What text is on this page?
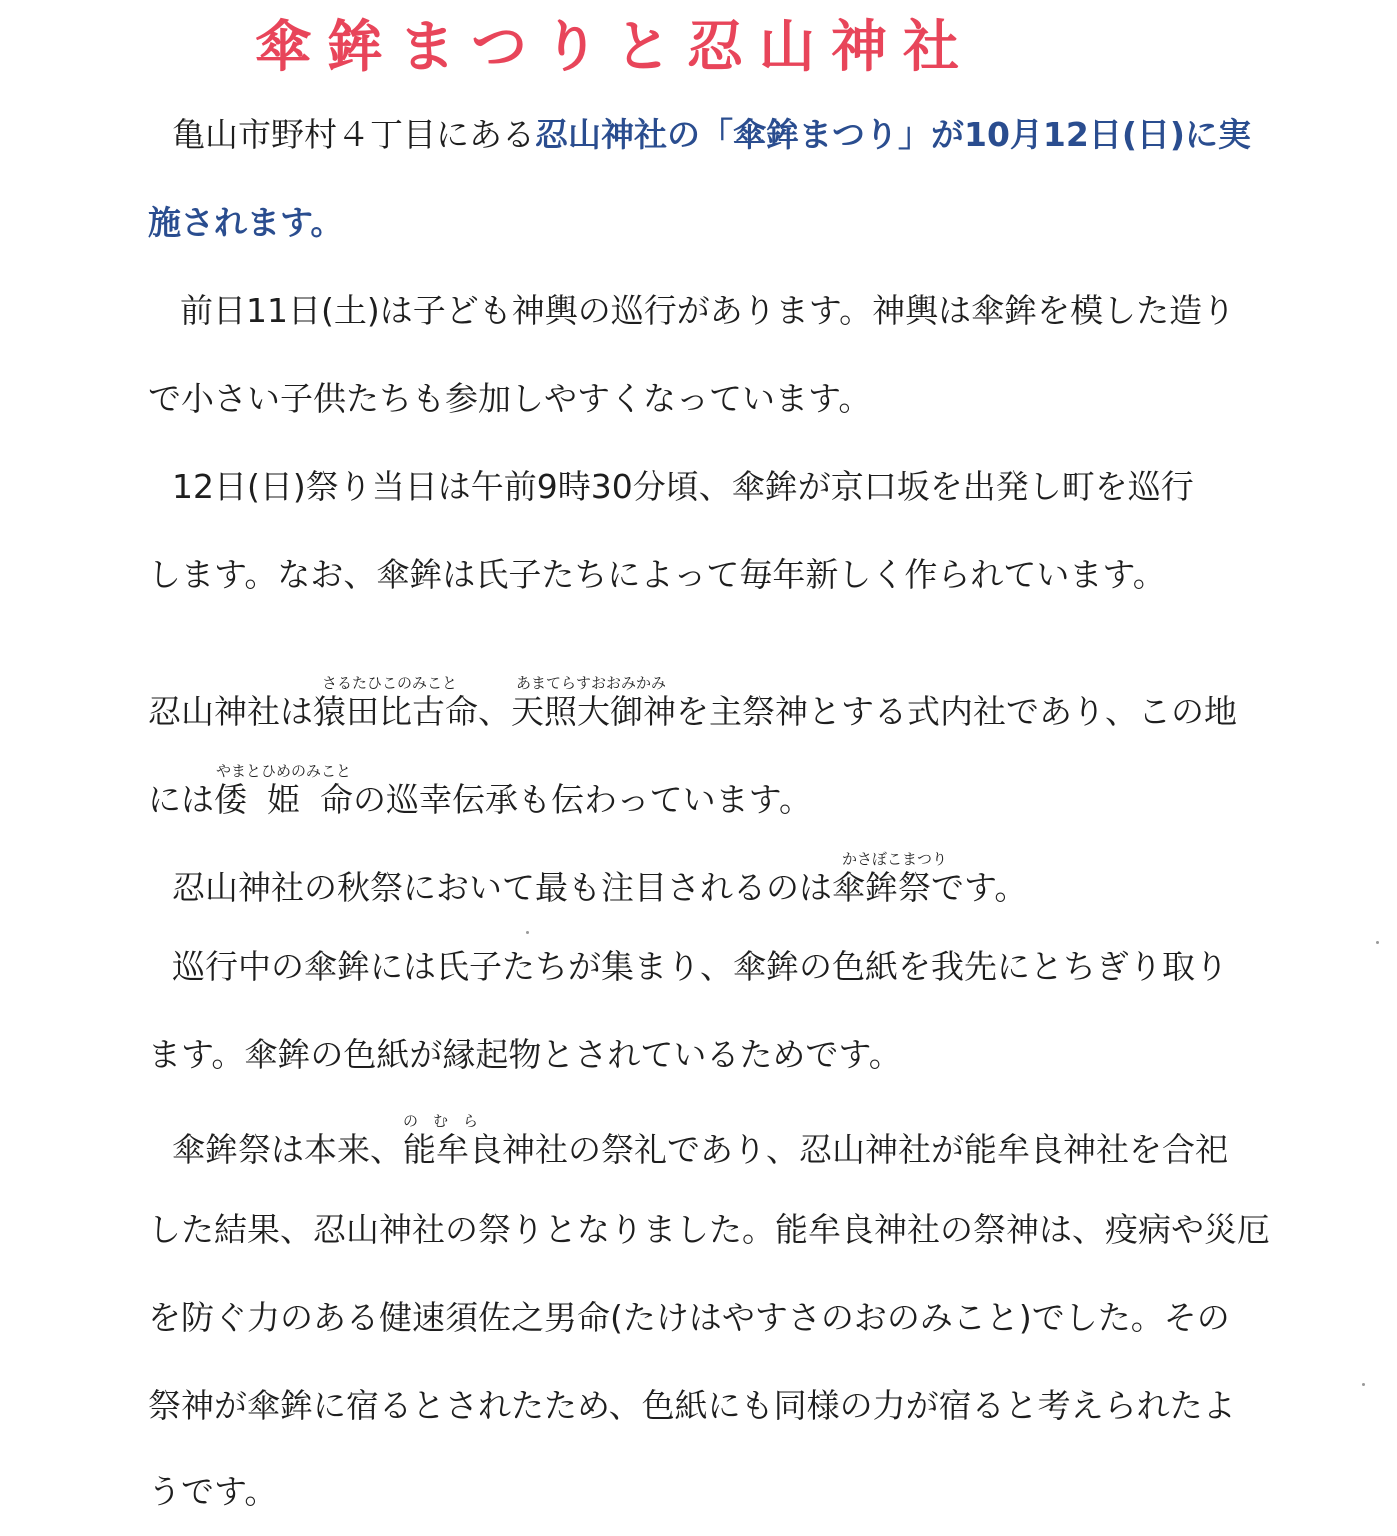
傘鉾まつりと忍山神社

亀山市野村４丁目にある忍山神社の「傘鉾まつり」が10月12日(日)に実

施されます。

前日11日(土)は子ども神輿の巡行があります。神輿は傘鉾を模した造り

で小さい子供たちも参加しやすくなっています。

12日(日)祭り当日は午前9時30分頃、傘鉾が京口坂を出発し町を巡行

します。なお、傘鉾は氏子たちによって毎年新しく作られています。

さるたひこのみこと	あまてらすおおみかみ

忍山神社は猿田比古命、天照大御神を主祭神とする式内社であり、この地

やまとひめのみこと

には倭 姫 命の巡幸伝承も伝わっています。

かさぼこまつり

忍山神社の秋祭において最も注目されるのは傘鉾祭です。

巡行中の傘鉾には氏子たちが集まり、傘鉾の色紙を我先にとちぎり取り

ます。傘鉾の色紙が縁起物とされているためです。

の　む　ら

傘鉾祭は本来、能牟良神社の祭礼であり、忍山神社が能牟良神社を合祀

した結果、忍山神社の祭りとなりました。能牟良神社の祭神は、疫病や災厄

を防ぐ力のある健速須佐之男命(たけはやすさのおのみこと)でした。その

祭神が傘鉾に宿るとされたため、色紙にも同様の力が宿ると考えられたよ

うです。
